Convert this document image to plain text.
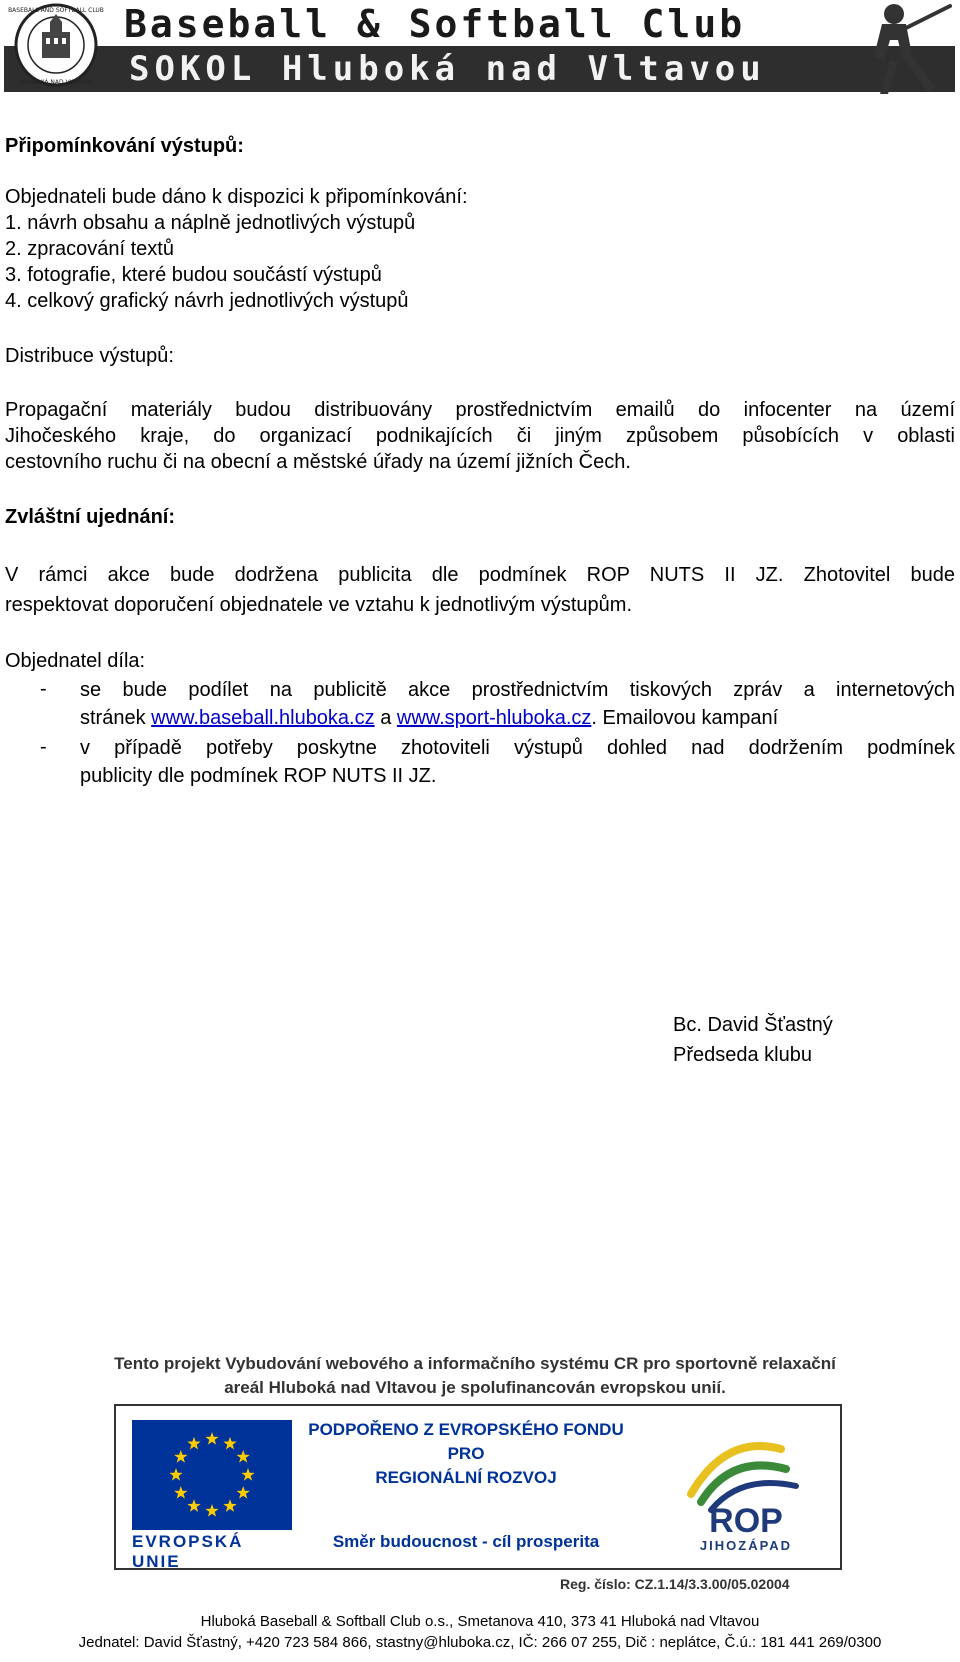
BASEBALL AND SOFTBALL CLUB
HLUBOKÁ NAD VLTAVOU
Baseball & Softball Club
SOKOL Hluboká nad Vltavou
Připomínkování výstupů:
Objednateli bude dáno k dispozici k připomínkování:
1. návrh obsahu a náplně jednotlivých výstupů
2. zpracování textů
3. fotografie, které budou součástí výstupů
4. celkový grafický návrh jednotlivých výstupů
Distribuce výstupů:
Propagační materiály budou distribuovány prostřednictvím emailů do infocenter na území
Jihočeského kraje, do organizací podnikajících či jiným způsobem působících v oblasti
cestovního ruchu či na obecní a městské úřady na území jižních Čech.
Zvláštní ujednání:
V rámci akce bude dodržena publicita dle podmínek ROP NUTS II JZ. Zhotovitel bude
respektovat doporučení objednatele ve vztahu k jednotlivým výstupům.
Objednatel díla:
- se bude podílet na publicitě akce prostřednictvím tiskových zpráv a internetových
stránek www.baseball.hluboka.cz a www.sport-hluboka.cz. Emailovou kampaní
- v případě potřeby poskytne zhotoviteli výstupů dohled nad dodržením podmínek
publicity dle podmínek ROP NUTS II JZ.
Bc. David Šťastný
Předseda klubu
Tento projekt Vybudování webového a informačního systému CR pro sportovně relaxační
areál Hluboká nad Vltavou je spolufinancován evropskou unií.
EVROPSKÁ UNIE
PODPOŘENO Z EVROPSKÉHO FONDU
PRO
REGIONÁLNÍ ROZVOJ
Směr budoucnost - cíl prosperita
ROP
JIHOZÁPAD
Reg. číslo: CZ.1.14/3.3.00/05.02004
Hluboká Baseball & Softball Club o.s., Smetanova 410, 373 41 Hluboká nad Vltavou
Jednatel: David Šťastný, +420 723 584 866, stastny@hluboka.cz, IČ: 266 07 255, Dič : neplátce, Č.ú.: 181 441 269/0300
